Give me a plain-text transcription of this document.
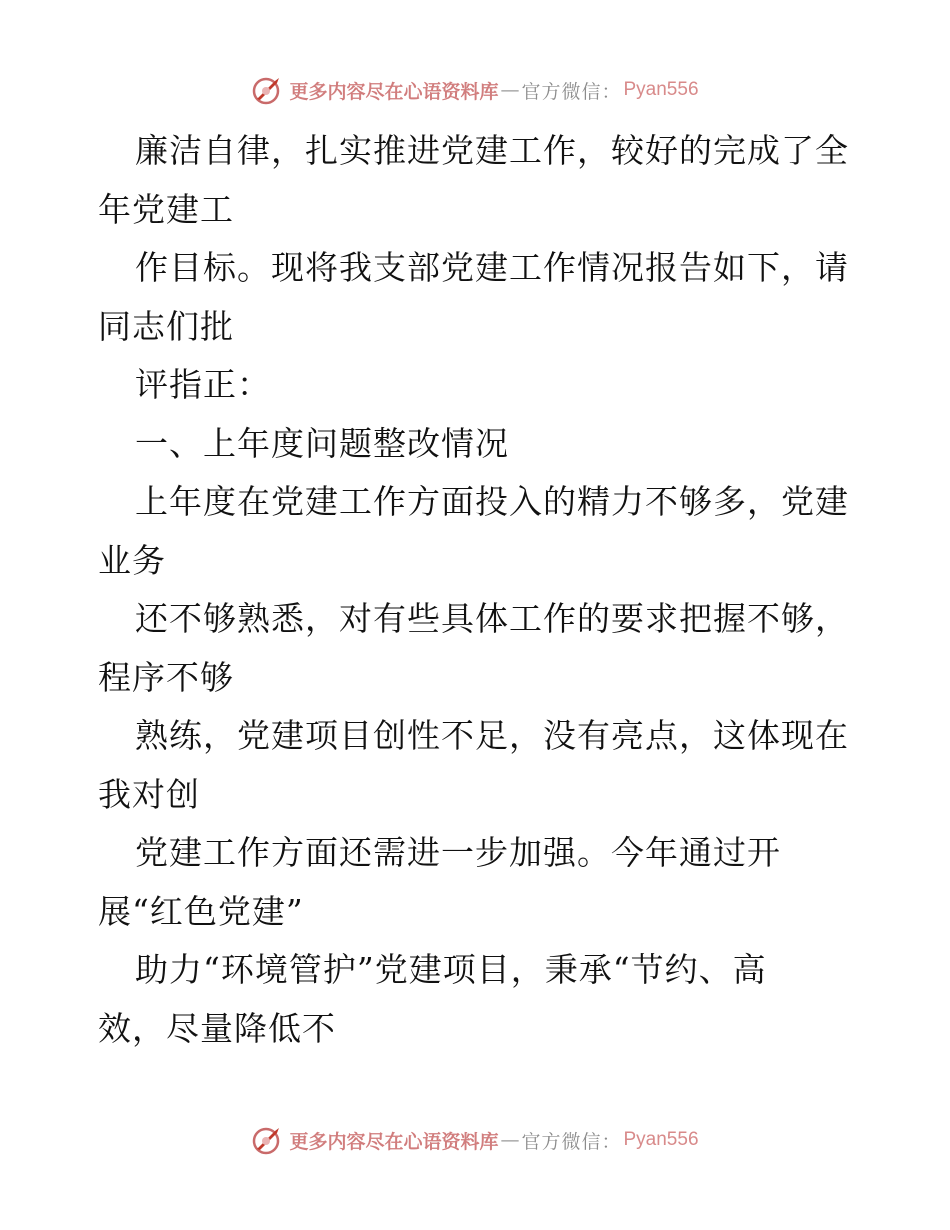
更多内容尽在心语资料库 — 官方微信： Pyan556
廉洁自律，扎实推进党建工作，较好的完成了全
年党建工
作目标。现将我支部党建工作情况报告如下，请
同志们批
评指正：
一、上年度问题整改情况
上年度在党建工作方面投入的精力不够多，党建
业务
还不够熟悉，对有些具体工作的要求把握不够，
程序不够
熟练，党建项目创性不足，没有亮点，这体现在
我对创
党建工作方面还需进一步加强。今年通过开
展“红色党建”
助力“环境管护”党建项目，秉承“节约、高
效，尽量降低不
更多内容尽在心语资料库 — 官方微信： Pyan556
